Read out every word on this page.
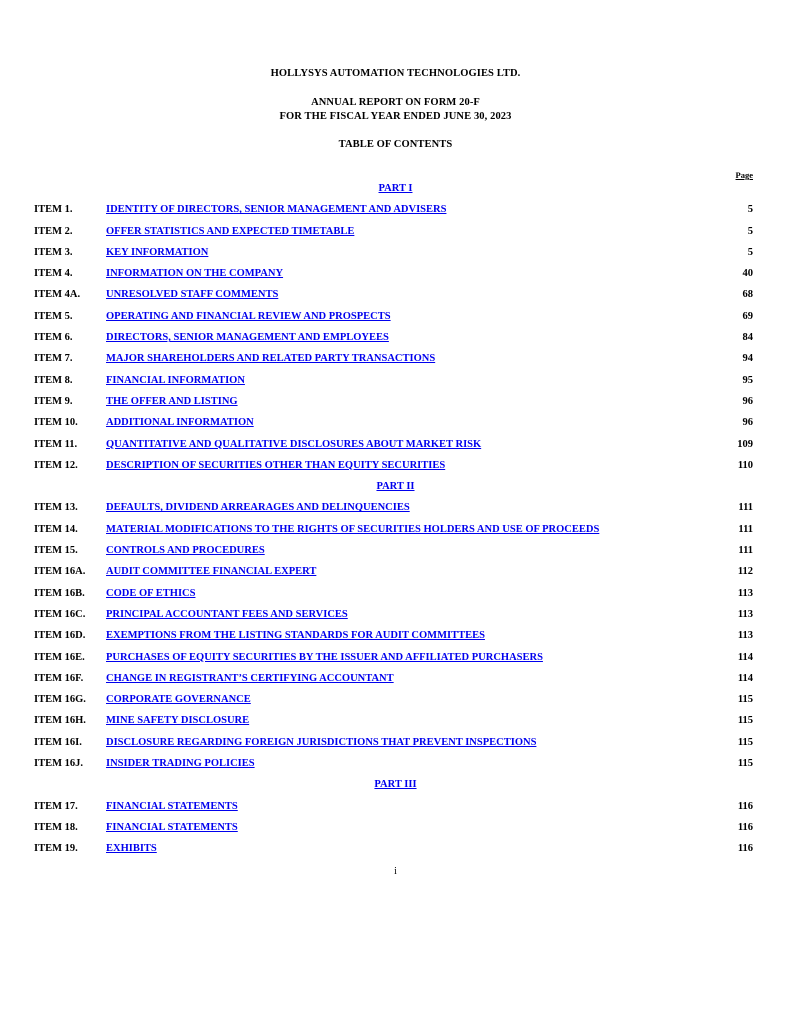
HOLLYSYS AUTOMATION TECHNOLOGIES LTD.
ANNUAL REPORT ON FORM 20-F
FOR THE FISCAL YEAR ENDED JUNE 30, 2023
TABLE OF CONTENTS
Page
PART I
ITEM 1.	IDENTITY OF DIRECTORS, SENIOR MANAGEMENT AND ADVISERS	5
ITEM 2.	OFFER STATISTICS AND EXPECTED TIMETABLE	5
ITEM 3.	KEY INFORMATION	5
ITEM 4.	INFORMATION ON THE COMPANY	40
ITEM 4A. UNRESOLVED STAFF COMMENTS	68
ITEM 5.	OPERATING AND FINANCIAL REVIEW AND PROSPECTS	69
ITEM 6.	DIRECTORS, SENIOR MANAGEMENT AND EMPLOYEES	84
ITEM 7.	MAJOR SHAREHOLDERS AND RELATED PARTY TRANSACTIONS	94
ITEM 8.	FINANCIAL INFORMATION	95
ITEM 9.	THE OFFER AND LISTING	96
ITEM 10.	ADDITIONAL INFORMATION	96
ITEM 11.	QUANTITATIVE AND QUALITATIVE DISCLOSURES ABOUT MARKET RISK	109
ITEM 12.	DESCRIPTION OF SECURITIES OTHER THAN EQUITY SECURITIES	110
PART II
ITEM 13.	DEFAULTS, DIVIDEND ARREARAGES AND DELINQUENCIES	111
ITEM 14.	MATERIAL MODIFICATIONS TO THE RIGHTS OF SECURITIES HOLDERS AND USE OF PROCEEDS	111
ITEM 15.	CONTROLS AND PROCEDURES	111
ITEM 16A. AUDIT COMMITTEE FINANCIAL EXPERT	112
ITEM 16B. CODE OF ETHICS	113
ITEM 16C. PRINCIPAL ACCOUNTANT FEES AND SERVICES	113
ITEM 16D. EXEMPTIONS FROM THE LISTING STANDARDS FOR AUDIT COMMITTEES	113
ITEM 16E. PURCHASES OF EQUITY SECURITIES BY THE ISSUER AND AFFILIATED PURCHASERS	114
ITEM 16F. CHANGE IN REGISTRANT’S CERTIFYING ACCOUNTANT	114
ITEM 16G. CORPORATE GOVERNANCE	115
ITEM 16H. MINE SAFETY DISCLOSURE	115
ITEM 16I. DISCLOSURE REGARDING FOREIGN JURISDICTIONS THAT PREVENT INSPECTIONS	115
ITEM 16J. INSIDER TRADING POLICIES	115
PART III
ITEM 17.	FINANCIAL STATEMENTS	116
ITEM 18.	FINANCIAL STATEMENTS	116
ITEM 19.	EXHIBITS	116
i
